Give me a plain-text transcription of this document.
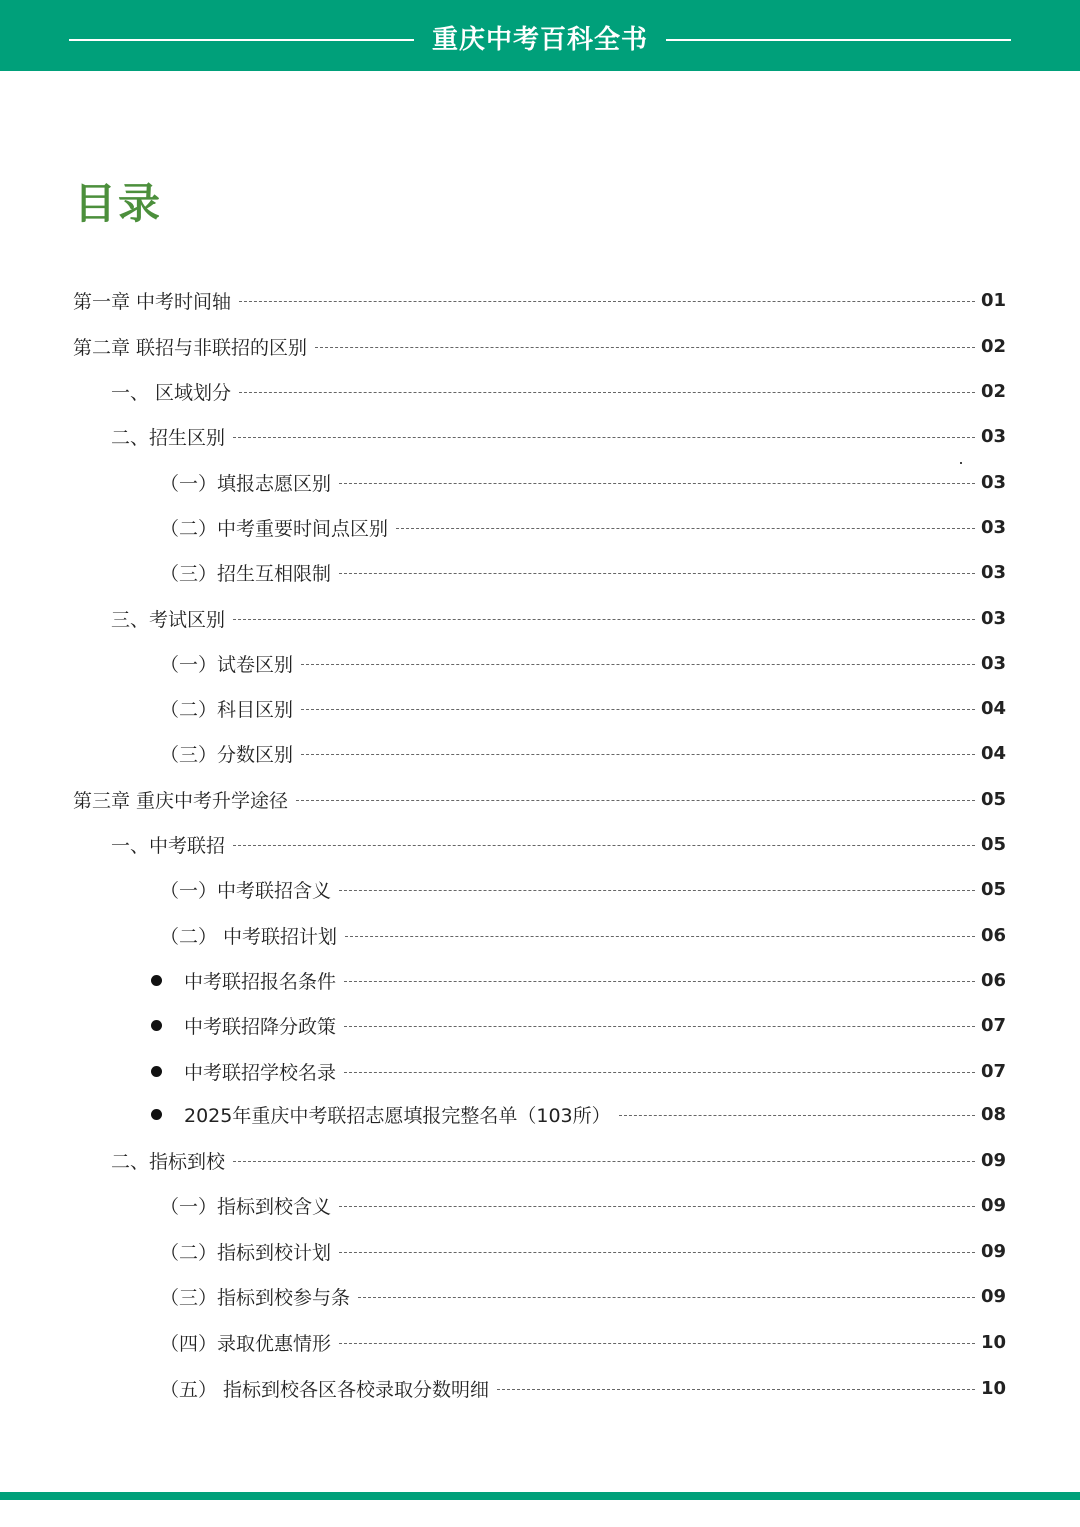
重庆中考百科全书
目录
第一章 中考时间轴	01
第二章 联招与非联招的区别	02
一、 区域划分	02
二、招生区别	03
（一）填报志愿区别	03
（二）中考重要时间点区别	03
（三）招生互相限制	03
三、考试区别	03
（一）试卷区别	03
（二）科目区别	04
（三）分数区别	04
第三章 重庆中考升学途径	05
一、中考联招	05
（一）中考联招含义	05
（二） 中考联招计划	06
中考联招报名条件	06
中考联招降分政策	07
中考联招学校名录	07
2025年重庆中考联招志愿填报完整名单（103所）	08
二、指标到校	09
（一）指标到校含义	09
（二）指标到校计划	09
（三）指标到校参与条	09
（四）录取优惠情形	10
（五） 指标到校各区各校录取分数明细	10
